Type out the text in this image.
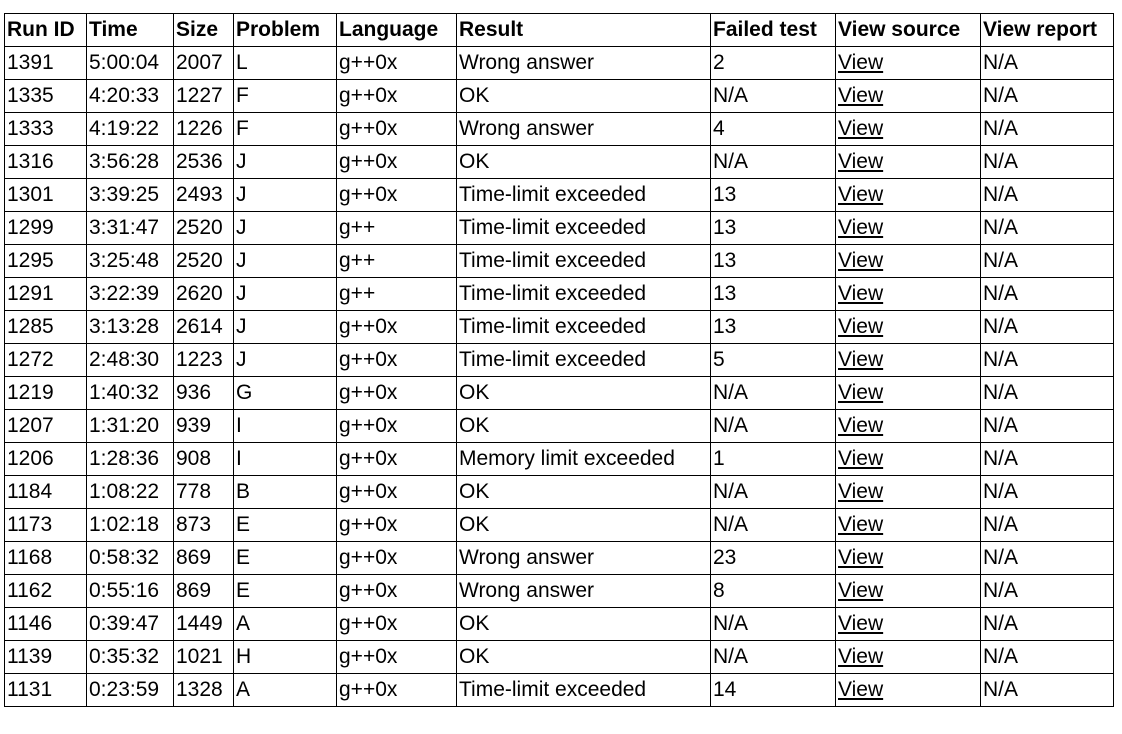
Run ID	Time	Size	Problem	Language	Result	Failed test	View source	View report
1391	5:00:04	2007	L	g++0x	Wrong answer	2	View	N/A
1335	4:20:33	1227	F	g++0x	OK	N/A	View	N/A
1333	4:19:22	1226	F	g++0x	Wrong answer	4	View	N/A
1316	3:56:28	2536	J	g++0x	OK	N/A	View	N/A
1301	3:39:25	2493	J	g++0x	Time-limit exceeded	13	View	N/A
1299	3:31:47	2520	J	g++	Time-limit exceeded	13	View	N/A
1295	3:25:48	2520	J	g++	Time-limit exceeded	13	View	N/A
1291	3:22:39	2620	J	g++	Time-limit exceeded	13	View	N/A
1285	3:13:28	2614	J	g++0x	Time-limit exceeded	13	View	N/A
1272	2:48:30	1223	J	g++0x	Time-limit exceeded	5	View	N/A
1219	1:40:32	936	G	g++0x	OK	N/A	View	N/A
1207	1:31:20	939	I	g++0x	OK	N/A	View	N/A
1206	1:28:36	908	I	g++0x	Memory limit exceeded	1	View	N/A
1184	1:08:22	778	B	g++0x	OK	N/A	View	N/A
1173	1:02:18	873	E	g++0x	OK	N/A	View	N/A
1168	0:58:32	869	E	g++0x	Wrong answer	23	View	N/A
1162	0:55:16	869	E	g++0x	Wrong answer	8	View	N/A
1146	0:39:47	1449	A	g++0x	OK	N/A	View	N/A
1139	0:35:32	1021	H	g++0x	OK	N/A	View	N/A
1131	0:23:59	1328	A	g++0x	Time-limit exceeded	14	View	N/A
